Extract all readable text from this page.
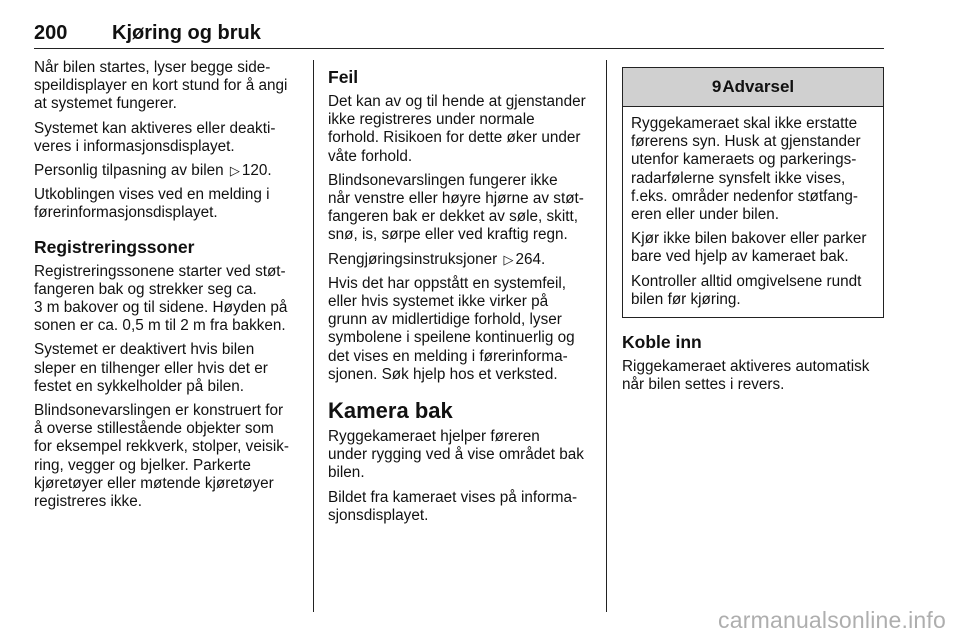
200 Kjøring og bruk
Når bilen startes, lyser begge side-
speildisplayer en kort stund for å angi
at systemet fungerer.
Systemet kan aktiveres eller deakti-
veres i informasjonsdisplayet.
Personlig tilpasning av bilen ▷ 120.
Utkoblingen vises ved en melding i
førerinformasjonsdisplayet.
Registreringssoner
Registreringssonene starter ved støt-
fangeren bak og strekker seg ca.
3 m bakover og til sidene. Høyden på
sonen er ca. 0,5 m til 2 m fra bakken.
Systemet er deaktivert hvis bilen
sleper en tilhenger eller hvis det er
festet en sykkelholder på bilen.
Blindsonevarslingen er konstruert for
å overse stillestående objekter som
for eksempel rekkverk, stolper, veisik-
ring, vegger og bjelker. Parkerte
kjøretøyer eller møtende kjøretøyer
registreres ikke.
Feil
Det kan av og til hende at gjenstander
ikke registreres under normale
forhold. Risikoen for dette øker under
våte forhold.
Blindsonevarslingen fungerer ikke
når venstre eller høyre hjørne av støt-
fangeren bak er dekket av søle, skitt,
snø, is, sørpe eller ved kraftig regn.
Rengjøringsinstruksjoner ▷ 264.
Hvis det har oppstått en systemfeil,
eller hvis systemet ikke virker på
grunn av midlertidige forhold, lyser
symbolene i speilene kontinuerlig og
det vises en melding i førerinforma-
sjonen. Søk hjelp hos et verksted.
Kamera bak
Ryggekameraet hjelper føreren
under rygging ved å vise området bak
bilen.
Bildet fra kameraet vises på informa-
sjonsdisplayet.
9 Advarsel
Ryggekameraet skal ikke erstatte
førerens syn. Husk at gjenstander
utenfor kameraets og parkerings-
radarfølerne synsfelt ikke vises,
f.eks. områder nedenfor støtfang-
eren eller under bilen.
Kjør ikke bilen bakover eller parker
bare ved hjelp av kameraet bak.
Kontroller alltid omgivelsene rundt
bilen før kjøring.
Koble inn
Riggekameraet aktiveres automatisk
når bilen settes i revers.
carmanualsonline.info
